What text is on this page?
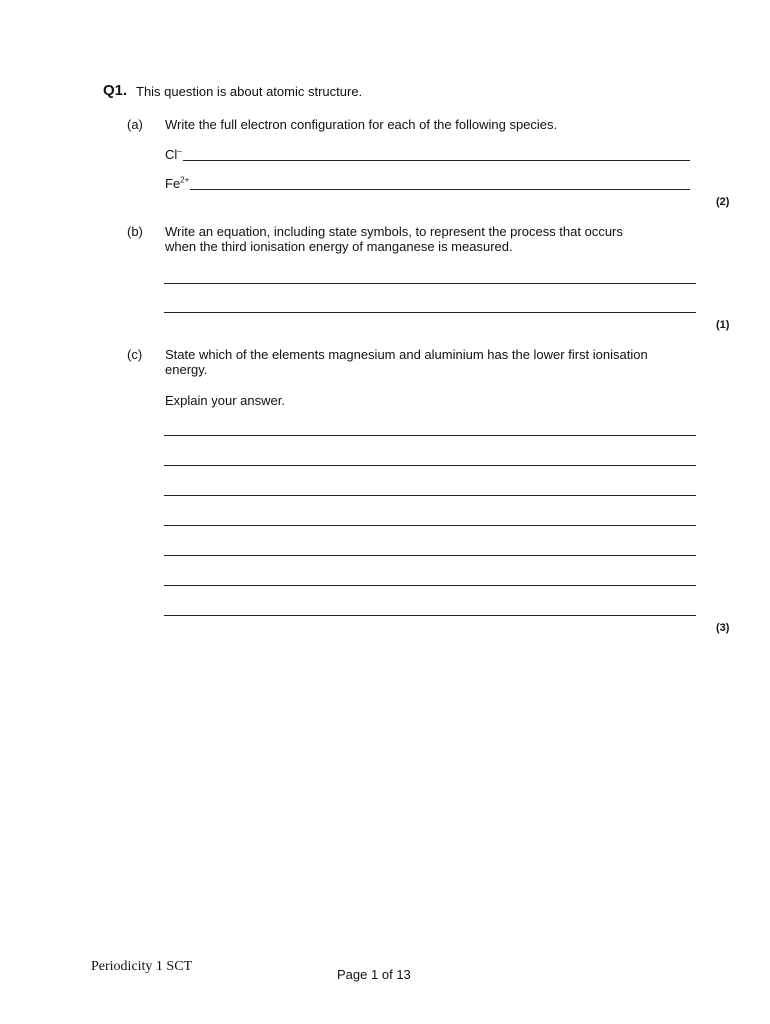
Q1. This question is about atomic structure.
(a) Write the full electron configuration for each of the following species.
Cl–
$Fe^{2+}$
(2)
(b) Write an equation, including state symbols, to represent the process that occurs
when the third ionisation energy of manganese is measured.
(1)
(c) State which of the elements magnesium and aluminium has the lower first ionisation
energy.
Explain your answer.
(3)
Periodicity 1 SCT
Page 1 of 13
